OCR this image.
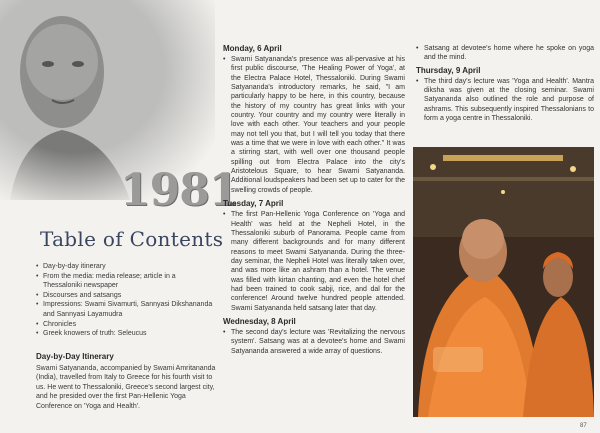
1981
Table of Contents
• Day-by-day itinerary
• From the media: media release; article in a Thessaloniki newspaper
• Discourses and satsangs
• Impressions: Swami Sivamurti, Sannyasi Dikshananda and Sannyasi Layamudra
• Chronicles
• Greek knowers of truth: Seleucus
Day-by-Day Itinerary
Swami Satyananda, accompanied by Swami Amritananda (India), travelled from Italy to Greece for his fourth visit to us. He went to Thessaloniki, Greece's second largest city, and he presided over the first Pan-Hellenic Yoga Conference on 'Yoga and Health'.
Monday, 6 April

• Swami Satyananda's presence was all-pervasive at his first public discourse, 'The Healing Power of Yoga', at the Electra Palace Hotel, Thessaloniki. During Swami Satyananda's introductory remarks, he said, "I am particularly happy to be here, in this country, because the history of my country has great links with your country. Your country and my country were literally in love with each other. Your teachers and your people may not tell you that, but I will tell you today that there was a time that we were in love with each other." It was a stirring start, with well over one thousand people spilling out from Electra Palace into the city's Aristotelous Square, to hear Swami Satyananda. Additional loudspeakers had been set up to cater for the swelling crowds of people.

Tuesday, 7 April

• The first Pan-Hellenic Yoga Conference on 'Yoga and Health' was held at the Nepheli Hotel, in the Thessaloniki suburb of Panorama. People came from many different backgrounds and for many different reasons to meet Swami Satyananda. During the three-day seminar, the Nepheli Hotel was literally taken over, and was more like an ashram than a hotel. The venue was filled with kirtan chanting, and even the hotel chef had been trained to cook sabji, rice, and dal for the conference! Around twelve hundred people attended. Swami Satyananda held satsang later that day.

Wednesday, 8 April

• The second day's lecture was 'Revitalizing the nervous system'. Satsang was at a devotee's home and Swami Satyananda answered a wide array of questions.

• Satsang at devotee's home where he spoke on yoga and the mind.

Thursday, 9 April

• The third day's lecture was 'Yoga and Health'. Mantra diksha was given at the closing seminar. Swami Satyananda also outlined the role and purpose of ashrams. This subsequently inspired Thessalonians to form a yoga centre in Thessaloniki.

87
